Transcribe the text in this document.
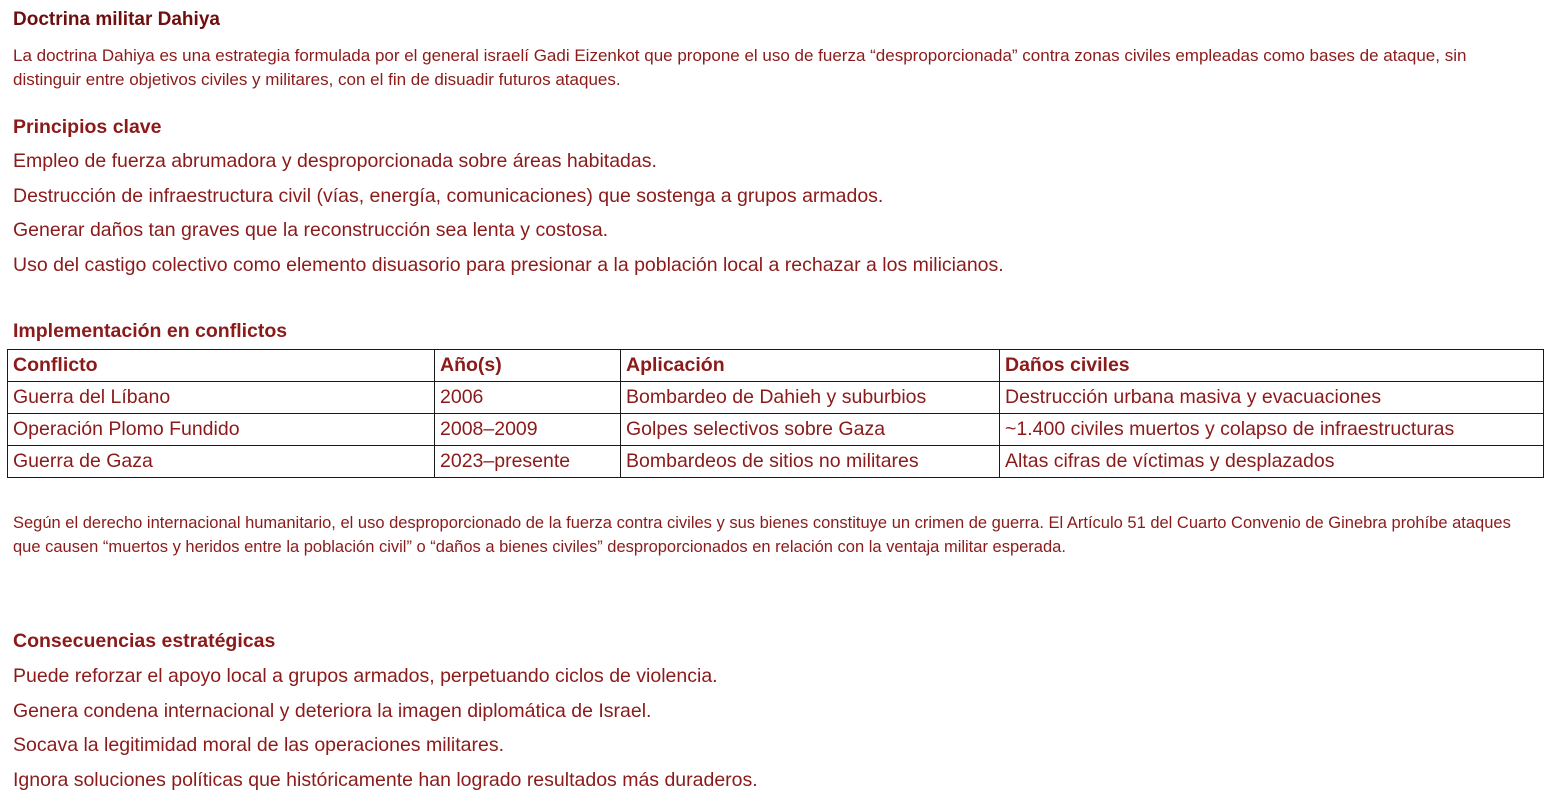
Doctrina militar Dahiya

La doctrina Dahiya es una estrategia formulada por el general israelí Gadi Eizenkot que propone el uso de fuerza “desproporcionada” contra zonas civiles empleadas como bases de ataque, sin distinguir entre objetivos civiles y militares, con el fin de disuadir futuros ataques.

Principios clave
Empleo de fuerza abrumadora y desproporcionada sobre áreas habitadas.
Destrucción de infraestructura civil (vías, energía, comunicaciones) que sostenga a grupos armados.
Generar daños tan graves que la reconstrucción sea lenta y costosa.
Uso del castigo colectivo como elemento disuasorio para presionar a la población local a rechazar a los milicianos.
Implementación en conflictos
Conflicto	Año(s)	Aplicación	Daños civiles
Guerra del Líbano	2006	Bombardeo de Dahieh y suburbios	Destrucción urbana masiva y evacuaciones
Operación Plomo Fundido	2008–2009	Golpes selectivos sobre Gaza	~1.400 civiles muertos y colapso de infraestructuras
Guerra de Gaza	2023–presente	Bombardeos de sitios no militares	Altas cifras de víctimas y desplazados

Según el derecho internacional humanitario, el uso desproporcionado de la fuerza contra civiles y sus bienes constituye un crimen de guerra. El Artículo 51 del Cuarto Convenio de Ginebra prohíbe ataques que causen “muertos y heridos entre la población civil” o “daños a bienes civiles” desproporcionados en relación con la ventaja militar esperada.

Consecuencias estratégicas
Puede reforzar el apoyo local a grupos armados, perpetuando ciclos de violencia.
Genera condena internacional y deteriora la imagen diplomática de Israel.
Socava la legitimidad moral de las operaciones militares.
Ignora soluciones políticas que históricamente han logrado resultados más duraderos.
